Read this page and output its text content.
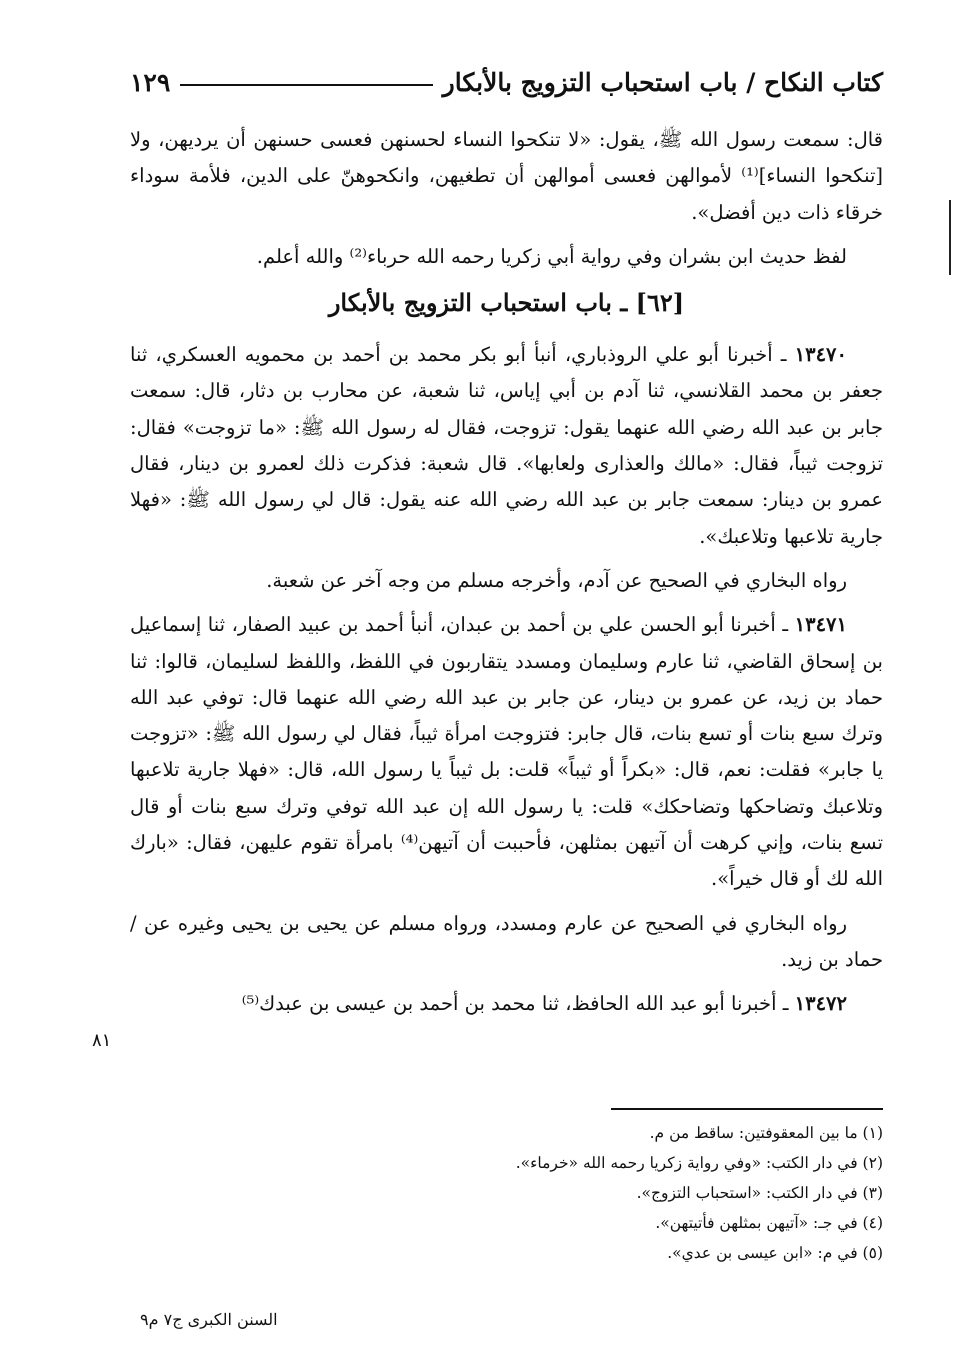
كتاب النكاح / باب استحباب التزويج بالأبكار
١٢٩

قال: سمعت رسول الله ﷺ، يقول: «لا تنكحوا النساء لحسنهن فعسى حسنهن أن يرديهن، ولا [تنكحوا النساء]⁽¹⁾ لأموالهن فعسى أموالهن أن تطغيهن، وانكحوهنّ على الدين، فلأمة سوداء خرقاء ذات دين أفضل».

لفظ حديث ابن بشران وفي رواية أبي زكريا رحمه الله حرباء⁽²⁾ والله أعلم.

[٦٢] ـ باب استحباب التزويج بالأبكار

١٣٤٧٠ ـ أخبرنا أبو علي الروذباري، أنبأ أبو بكر محمد بن أحمد بن محمويه العسكري، ثنا جعفر بن محمد القلانسي، ثنا آدم بن أبي إياس، ثنا شعبة، عن محارب بن دثار، قال: سمعت جابر بن عبد الله رضي الله عنهما يقول: تزوجت، فقال له رسول الله ﷺ: «ما تزوجت» فقال: تزوجت ثيباً، فقال: «مالك والعذارى ولعابها». قال شعبة: فذكرت ذلك لعمرو بن دينار، فقال عمرو بن دينار: سمعت جابر بن عبد الله رضي الله عنه يقول: قال لي رسول الله ﷺ: «فهلا جارية تلاعبها وتلاعبك».

رواه البخاري في الصحيح عن آدم، وأخرجه مسلم من وجه آخر عن شعبة.

١٣٤٧١ ـ أخبرنا أبو الحسن علي بن أحمد بن عبدان، أنبأ أحمد بن عبيد الصفار، ثنا إسماعيل بن إسحاق القاضي، ثنا عارم وسليمان ومسدد يتقاربون في اللفظ، واللفظ لسليمان، قالوا: ثنا حماد بن زيد، عن عمرو بن دينار، عن جابر بن عبد الله رضي الله عنهما قال: توفي عبد الله وترك سبع بنات أو تسع بنات، قال جابر: فتزوجت امرأة ثيباً، فقال لي رسول الله ﷺ: «تزوجت يا جابر» فقلت: نعم، قال: «بكراً أو ثيباً» قلت: بل ثيباً يا رسول الله، قال: «فهلا جارية تلاعبها وتلاعبك وتضاحكها وتضاحكك» قلت: يا رسول الله إن عبد الله توفي وترك سبع بنات أو قال تسع بنات، وإني كرهت أن آتيهن بمثلهن، فأحببت أن آتيهن⁽⁴⁾ بامرأة تقوم عليهن، فقال: «بارك الله لك أو قال خيراً».

رواه البخاري في الصحيح عن عارم ومسدد، ورواه مسلم عن يحيى بن يحيى وغيره عن / حماد بن زيد.

١٣٤٧٢ ـ أخبرنا أبو عبد الله الحافظ، ثنا محمد بن أحمد بن عيسى بن عبدك⁽⁵⁾

٨١

(١) ما بين المعقوفتين: ساقط من م.

(٢) في دار الكتب: «وفي رواية زكريا رحمه الله «خرماء».

(٣) في دار الكتب: «استحباب التزوج».

(٤) في جـ: «آتيهن بمثلهن فأتيتهن».

(٥) في م: «ابن عيسى بن عدي».

السنن الكبرى ج٧ م٩
